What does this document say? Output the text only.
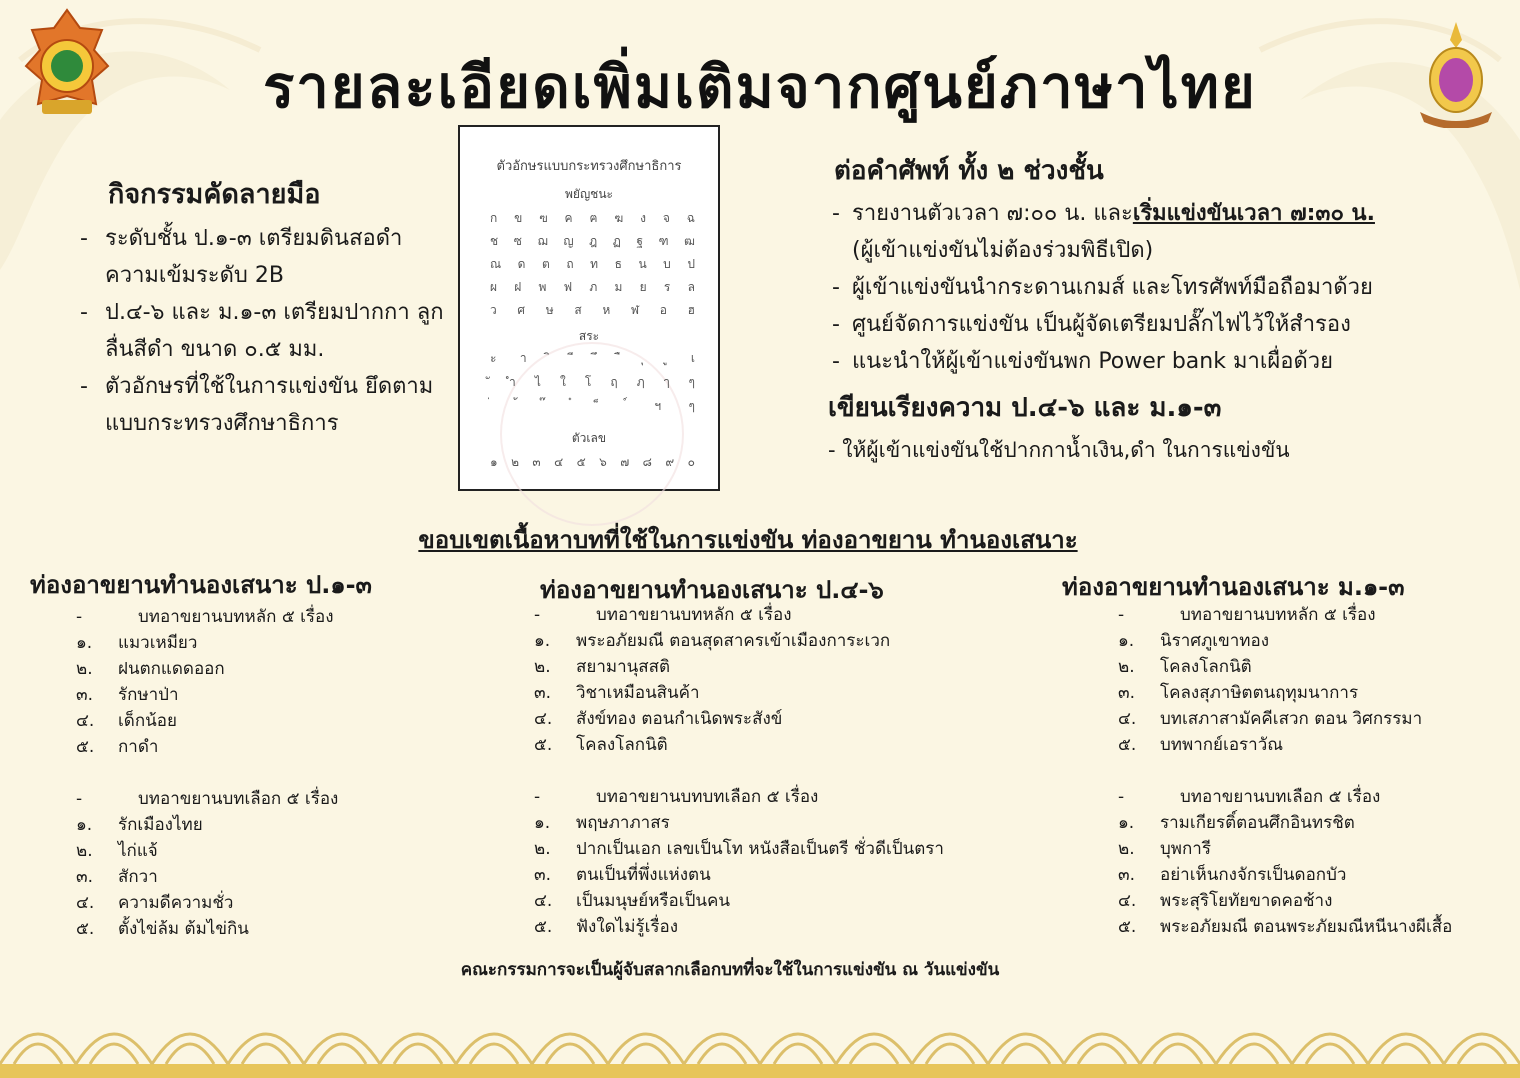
รายละเอียดเพิ่มเติมจากศูนย์ภาษาไทย
กิจกรรมคัดลายมือ
- ระดับชั้น ป.๑-๓ เตรียมดินสอดำ ความเข้มระดับ 2B
- ป.๔-๖ และ ม.๑-๓ เตรียมปากกา ลูกลื่นสีดำ ขนาด ๐.๕ มม.
- ตัวอักษรที่ใช้ในการแข่งขัน ยึดตามแบบกระทรวงศึกษาธิการ
ตัวอักษรแบบกระทรวงศึกษาธิการ
พยัญชนะ
ก ข ฃ ค ฅ ฆ ง จ ฉ
ช ซ ฌ ญ ฎ ฏ ฐ ฑ ฒ
ณ ด ต ถ ท ธ น บ ป
ผ ฝ พ ฟ ภ ม ย ร ล
ว ศ ษ ส ห ฬ อ ฮ
สระ
ะ า	เ
ำ ไ ใ โ ฤ ฦ ๅ ๆ
ฯ ๆ
ตัวเลข
๑ ๒ ๓ ๔ ๕ ๖ ๗ ๘ ๙ ๐
ต่อคำศัพท์ ทั้ง ๒ ช่วงชั้น
- รายงานตัวเวลา ๗:๐๐ น. และเริ่มแข่งขันเวลา ๗:๓๐ น.
(ผู้เข้าแข่งขันไม่ต้องร่วมพิธีเปิด)
- ผู้เข้าแข่งขันนำกระดานเกมส์ และโทรศัพท์มือถือมาด้วย
- ศูนย์จัดการแข่งขัน เป็นผู้จัดเตรียมปลั๊กไฟไว้ให้สำรอง
- แนะนำให้ผู้เข้าแข่งขันพก Power bank มาเผื่อด้วย
เขียนเรียงความ ป.๔-๖ และ ม.๑-๓
- ให้ผู้เข้าแข่งขันใช้ปากกาน้ำเงิน,ดำ ในการแข่งขัน
ขอบเขตเนื้อหาบทที่ใช้ในการแข่งขัน ท่องอาขยาน ทำนองเสนาะ
ท่องอาขยานทำนองเสนาะ ป.๑-๓	ท่องอาขยานทำนองเสนาะ ป.๔-๖	ท่องอาขยานทำนองเสนาะ ม.๑-๓
-	บทอาขยานบทหลัก ๕ เรื่อง
๑. แมวเหมียว
๒. ฝนตกแดดออก
๓. รักษาป่า
๔. เด็กน้อย
๕. กาดำ
-	บทอาขยานบทเลือก ๕ เรื่อง
๑. รักเมืองไทย
๒. ไก่แจ้
๓. สักวา
๔. ความดีความชั่ว
๕. ตั้งไข่ล้ม ต้มไข่กิน
-	บทอาขยานบทหลัก ๕ เรื่อง
๑. พระอภัยมณี ตอนสุดสาครเข้าเมืองการะเวก
๒. สยามานุสสติ
๓. วิชาเหมือนสินค้า
๔. สังข์ทอง ตอนกำเนิดพระสังข์
๕. โคลงโลกนิติ
-	บทอาขยานบทบทเลือก ๕ เรื่อง
๑. พฤษภาภาสร
๒. ปากเป็นเอก เลขเป็นโท หนังสือเป็นตรี ชั่วดีเป็นตรา
๓. ตนเป็นที่พึ่งแห่งตน
๔. เป็นมนุษย์หรือเป็นคน
๕. ฟังใดไม่รู้เรื่อง
-	บทอาขยานบทหลัก ๕ เรื่อง
๑. นิราศภูเขาทอง
๒. โคลงโลกนิติ
๓. โคลงสุภาษิตตนฤทุมนาการ
๔. บทเสภาสามัคคีเสวก ตอน วิศกรรมา
๕. บทพากย์เอราวัณ
-	บทอาขยานบทเลือก ๕ เรื่อง
๑. รามเกียรติ์ตอนศึกอินทรชิต
๒. บุพการี
๓. อย่าเห็นกงจักรเป็นดอกบัว
๔. พระสุริโยทัยขาดคอช้าง
๕. พระอภัยมณี ตอนพระภัยมณีหนีนางผีเสื้อ
คณะกรรมการจะเป็นผู้จับสลากเลือกบทที่จะใช้ในการแข่งขัน ณ วันแข่งขัน
